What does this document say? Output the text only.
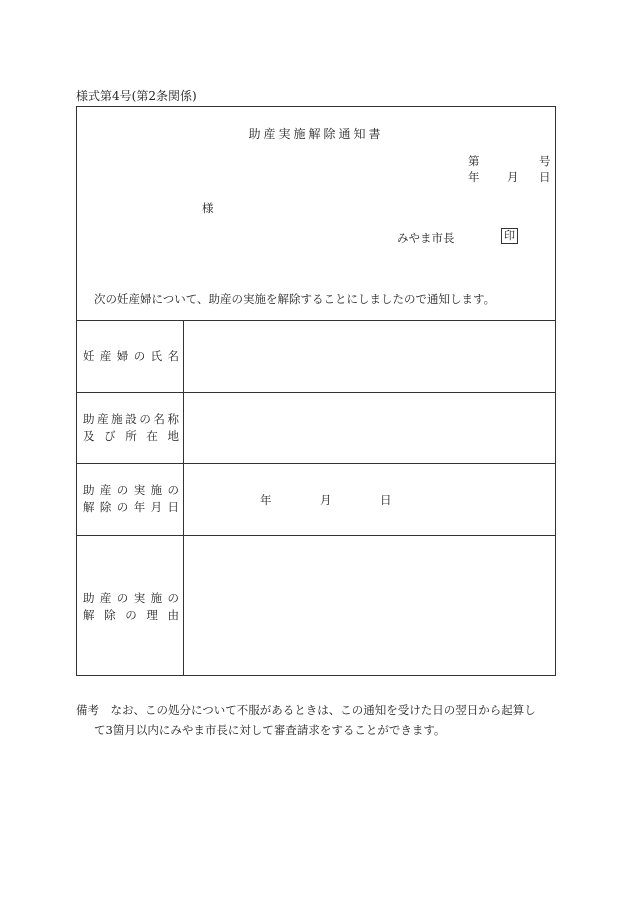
様式第4号(第2条関係)
助産実施解除通知書
第	号
年 月 日
様
みやま市長	印
次の妊産婦について、助産の実施を解除することにしましたので通知します。
妊産婦の氏名
助産施設の名称
及び所在地
助産の実施の
解除の年月日	年	月	日
助産の実施の
解除の理由
備考　なお、この処分について不服があるときは、この通知を受けた日の翌日から起算し
て3箇月以内にみやま市長に対して審査請求をすることができます。
